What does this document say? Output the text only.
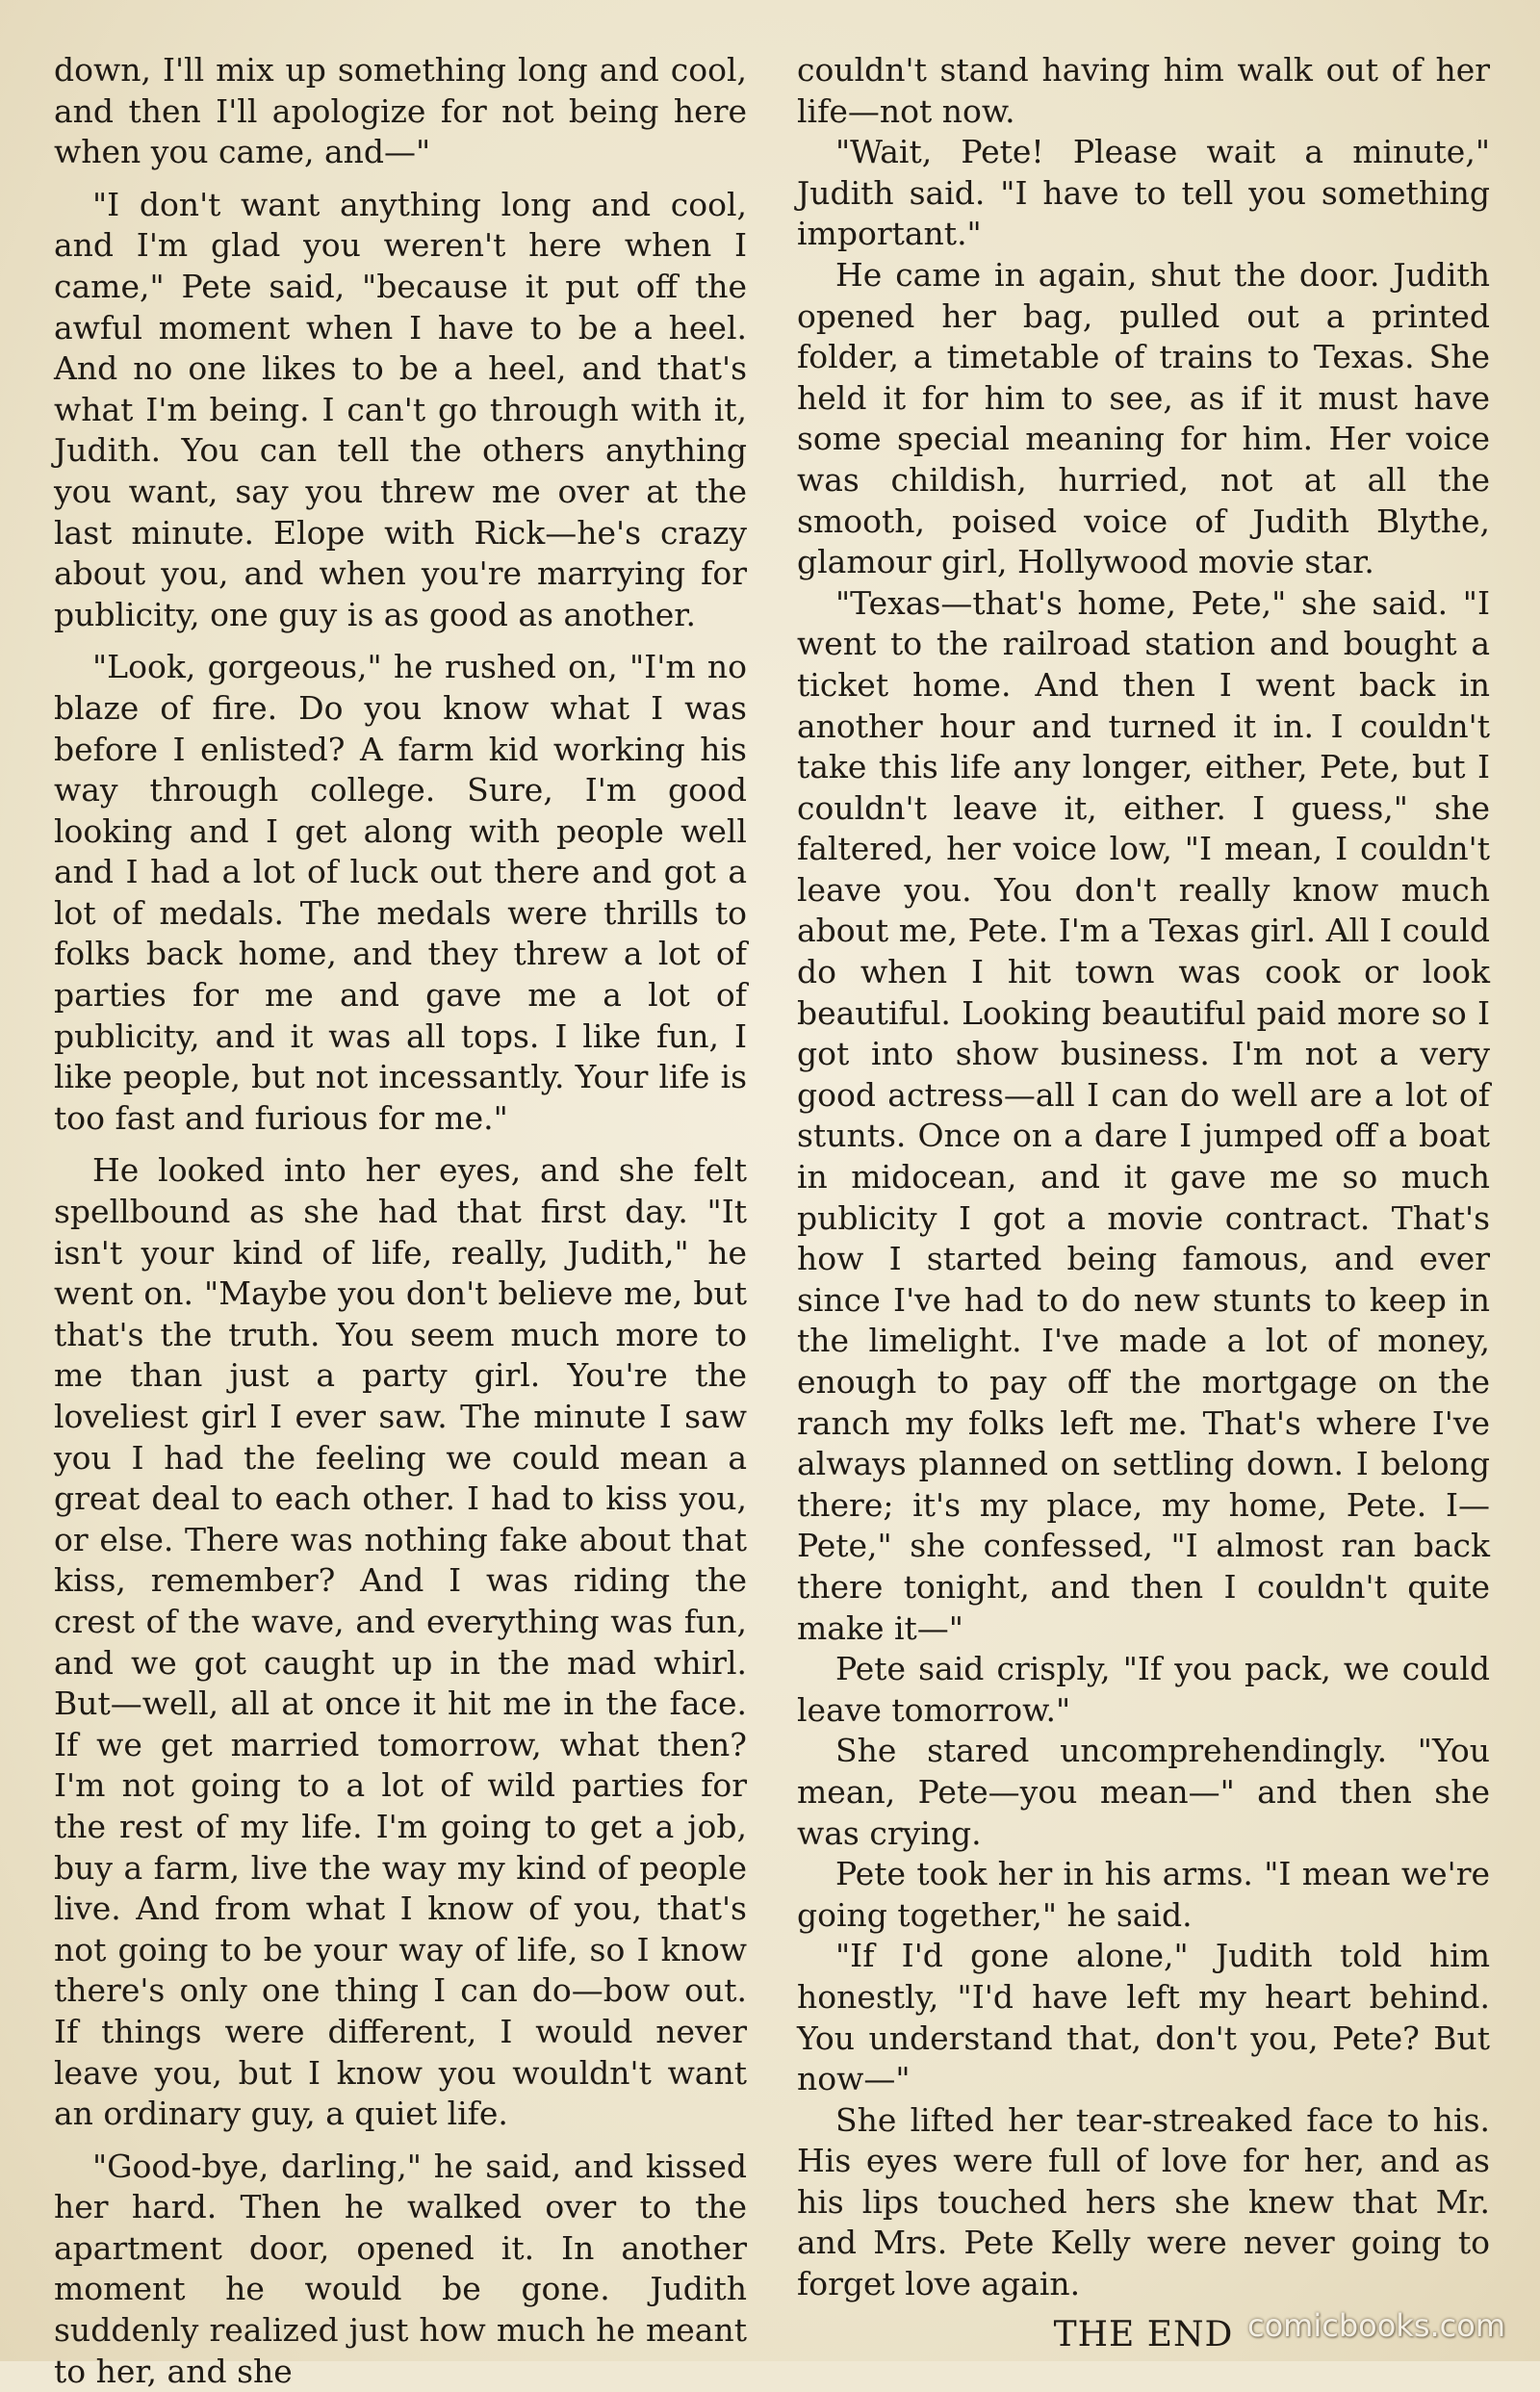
down, I'll mix up something long and cool, and then I'll apologize for not being here when you came, and—"

"I don't want anything long and cool, and I'm glad you weren't here when I came," Pete said, "because it put off the awful moment when I have to be a heel. And no one likes to be a heel, and that's what I'm being. I can't go through with it, Judith. You can tell the others anything you want, say you threw me over at the last minute. Elope with Rick—he's crazy about you, and when you're marrying for publicity, one guy is as good as another.

"Look, gorgeous," he rushed on, "I'm no blaze of fire. Do you know what I was before I enlisted? A farm kid working his way through college. Sure, I'm good looking and I get along with people well and I had a lot of luck out there and got a lot of medals. The medals were thrills to folks back home, and they threw a lot of parties for me and gave me a lot of publicity, and it was all tops. I like fun, I like people, but not incessantly. Your life is too fast and furious for me."

He looked into her eyes, and she felt spellbound as she had that first day. "It isn't your kind of life, really, Judith," he went on. "Maybe you don't believe me, but that's the truth. You seem much more to me than just a party girl. You're the loveliest girl I ever saw. The minute I saw you I had the feeling we could mean a great deal to each other. I had to kiss you, or else. There was nothing fake about that kiss, remember? And I was riding the crest of the wave, and everything was fun, and we got caught up in the mad whirl. But—well, all at once it hit me in the face. If we get married tomorrow, what then? I'm not going to a lot of wild parties for the rest of my life. I'm going to get a job, buy a farm, live the way my kind of people live. And from what I know of you, that's not going to be your way of life, so I know there's only one thing I can do—bow out. If things were different, I would never leave you, but I know you wouldn't want an ordinary guy, a quiet life.

"Good-bye, darling," he said, and kissed her hard. Then he walked over to the apartment door, opened it. In another moment he would be gone. Judith suddenly realized just how much he meant to her, and she

couldn't stand having him walk out of her life—not now.

"Wait, Pete! Please wait a minute," Judith said. "I have to tell you something important."

He came in again, shut the door. Judith opened her bag, pulled out a printed folder, a timetable of trains to Texas. She held it for him to see, as if it must have some special meaning for him. Her voice was childish, hurried, not at all the smooth, poised voice of Judith Blythe, glamour girl, Hollywood movie star.

"Texas—that's home, Pete," she said. "I went to the railroad station and bought a ticket home. And then I went back in another hour and turned it in. I couldn't take this life any longer, either, Pete, but I couldn't leave it, either. I guess," she faltered, her voice low, "I mean, I couldn't leave you. You don't really know much about me, Pete. I'm a Texas girl. All I could do when I hit town was cook or look beautiful. Looking beautiful paid more so I got into show business. I'm not a very good actress—all I can do well are a lot of stunts. Once on a dare I jumped off a boat in midocean, and it gave me so much publicity I got a movie contract. That's how I started being famous, and ever since I've had to do new stunts to keep in the limelight. I've made a lot of money, enough to pay off the mortgage on the ranch my folks left me. That's where I've always planned on settling down. I belong there; it's my place, my home, Pete. I—Pete," she confessed, "I almost ran back there tonight, and then I couldn't quite make it—"

Pete said crisply, "If you pack, we could leave tomorrow."

She stared uncomprehendingly. "You mean, Pete—you mean—" and then she was crying.

Pete took her in his arms. "I mean we're going together," he said.

"If I'd gone alone," Judith told him honestly, "I'd have left my heart behind. You understand that, don't you, Pete? But now—"

She lifted her tear-streaked face to his. His eyes were full of love for her, and as his lips touched hers she knew that Mr. and Mrs. Pete Kelly were never going to forget love again.

THE END comicbooks.com
